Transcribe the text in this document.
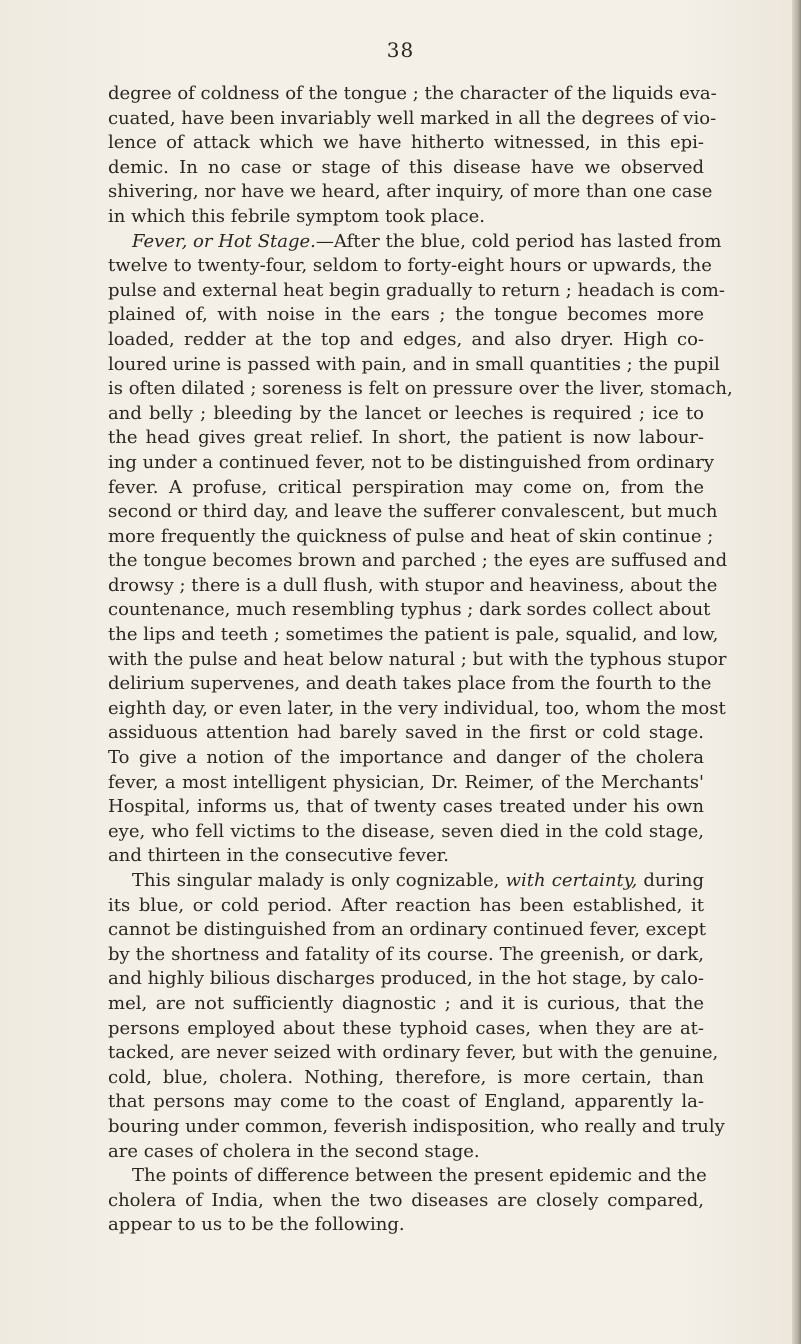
38

degree of coldness of the tongue ; the character of the liquids eva-
cuated, have been invariably well marked in all the degrees of vio-
lence of attack which we have hitherto witnessed, in this epi-
demic. In no case or stage of this disease have we observed
shivering, nor have we heard, after inquiry, of more than one case
in which this febrile symptom took place.

Fever, or Hot Stage.—After the blue, cold period has lasted from
twelve to twenty-four, seldom to forty-eight hours or upwards, the
pulse and external heat begin gradually to return ; headach is com-
plained of, with noise in the ears ; the tongue becomes more
loaded, redder at the top and edges, and also dryer. High co-
loured urine is passed with pain, and in small quantities ; the pupil
is often dilated ; soreness is felt on pressure over the liver, stomach,
and belly ; bleeding by the lancet or leeches is required ; ice to
the head gives great relief. In short, the patient is now labour-
ing under a continued fever, not to be distinguished from ordinary
fever. A profuse, critical perspiration may come on, from the
second or third day, and leave the sufferer convalescent, but much
more frequently the quickness of pulse and heat of skin continue ;
the tongue becomes brown and parched ; the eyes are suffused and
drowsy ; there is a dull flush, with stupor and heaviness, about the
countenance, much resembling typhus ; dark sordes collect about
the lips and teeth ; sometimes the patient is pale, squalid, and low,
with the pulse and heat below natural ; but with the typhous stupor
delirium supervenes, and death takes place from the fourth to the
eighth day, or even later, in the very individual, too, whom the most
assiduous attention had barely saved in the first or cold stage.
To give a notion of the importance and danger of the cholera
fever, a most intelligent physician, Dr. Reimer, of the Merchants'
Hospital, informs us, that of twenty cases treated under his own
eye, who fell victims to the disease, seven died in the cold stage,
and thirteen in the consecutive fever.

This singular malady is only cognizable, with certainty, during
its blue, or cold period. After reaction has been established, it
cannot be distinguished from an ordinary continued fever, except
by the shortness and fatality of its course. The greenish, or dark,
and highly bilious discharges produced, in the hot stage, by calo-
mel, are not sufficiently diagnostic ; and it is curious, that the
persons employed about these typhoid cases, when they are at-
tacked, are never seized with ordinary fever, but with the genuine,
cold, blue, cholera. Nothing, therefore, is more certain, than
that persons may come to the coast of England, apparently la-
bouring under common, feverish indisposition, who really and truly
are cases of cholera in the second stage.

The points of difference between the present epidemic and the
cholera of India, when the two diseases are closely compared,
appear to us to be the following.
